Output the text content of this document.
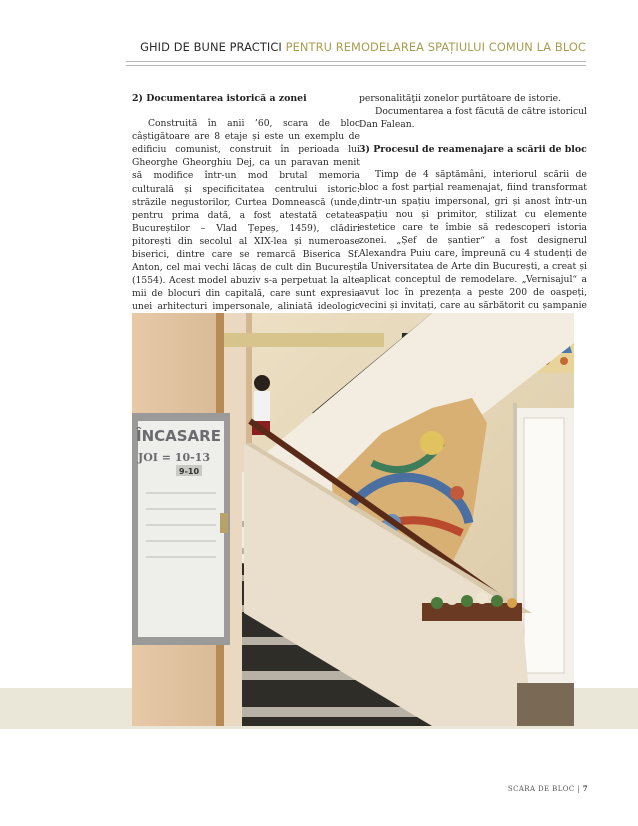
GHID DE BUNE PRACTICI PENTRU REMODELAREA SPAȚIULUI COMUN LA BLOC
2) Documentarea istorică a zonei

Construită în anii ’60, scara de bloc câștigătoare are 8 etaje și este un exemplu de edificiu comunist, construit în perioada lui Gheorghe Gheorghiu Dej, ca un paravan menit să modifice într-un mod brutal memoria culturală și specificitatea centrului istoric: străzile negustorilor, Curtea Domnească (unde, pentru prima dată, a fost atestată cetatea Bucureștilor – Vlad Țepeș, 1459), clădiri pitorești din secolul al XIX-lea și numeroase biserici, dintre care se remarcă Biserica Sf. Anton, cel mai vechi lăcaș de cult din București (1554). Acest model abuziv s-a perpetuat la alte mii de blocuri din capitală, care sunt expresia unei arhitecturi impersonale, aliniată ideologic

personalităţii zonelor purtătoare de istorie.

Documentarea a fost făcută de către istoricul Dan Falean.

3) Procesul de reamenajare a scării de bloc

Timp de 4 săptămâni, interiorul scării de bloc a fost parțial reamenajat, fiind transformat dintr-un spațiu impersonal, gri și anost într-un spațiu nou și primitor, stilizat cu elemente estetice care te îmbie să redescoperi istoria zonei. „Șef de șantier“ a fost designerul Alexandra Puiu care, împreună cu 4 studenți de la Universitatea de Arte din București, a creat și aplicat conceptul de remodelare. „Vernisajul“ a avut loc în prezența a peste 200 de oaspeți, vecini și invitați, care au sărbătorit cu șampanie

ÎNCASARE
JOI = 10-13
9-10
SCARA DE BLOC | 7
